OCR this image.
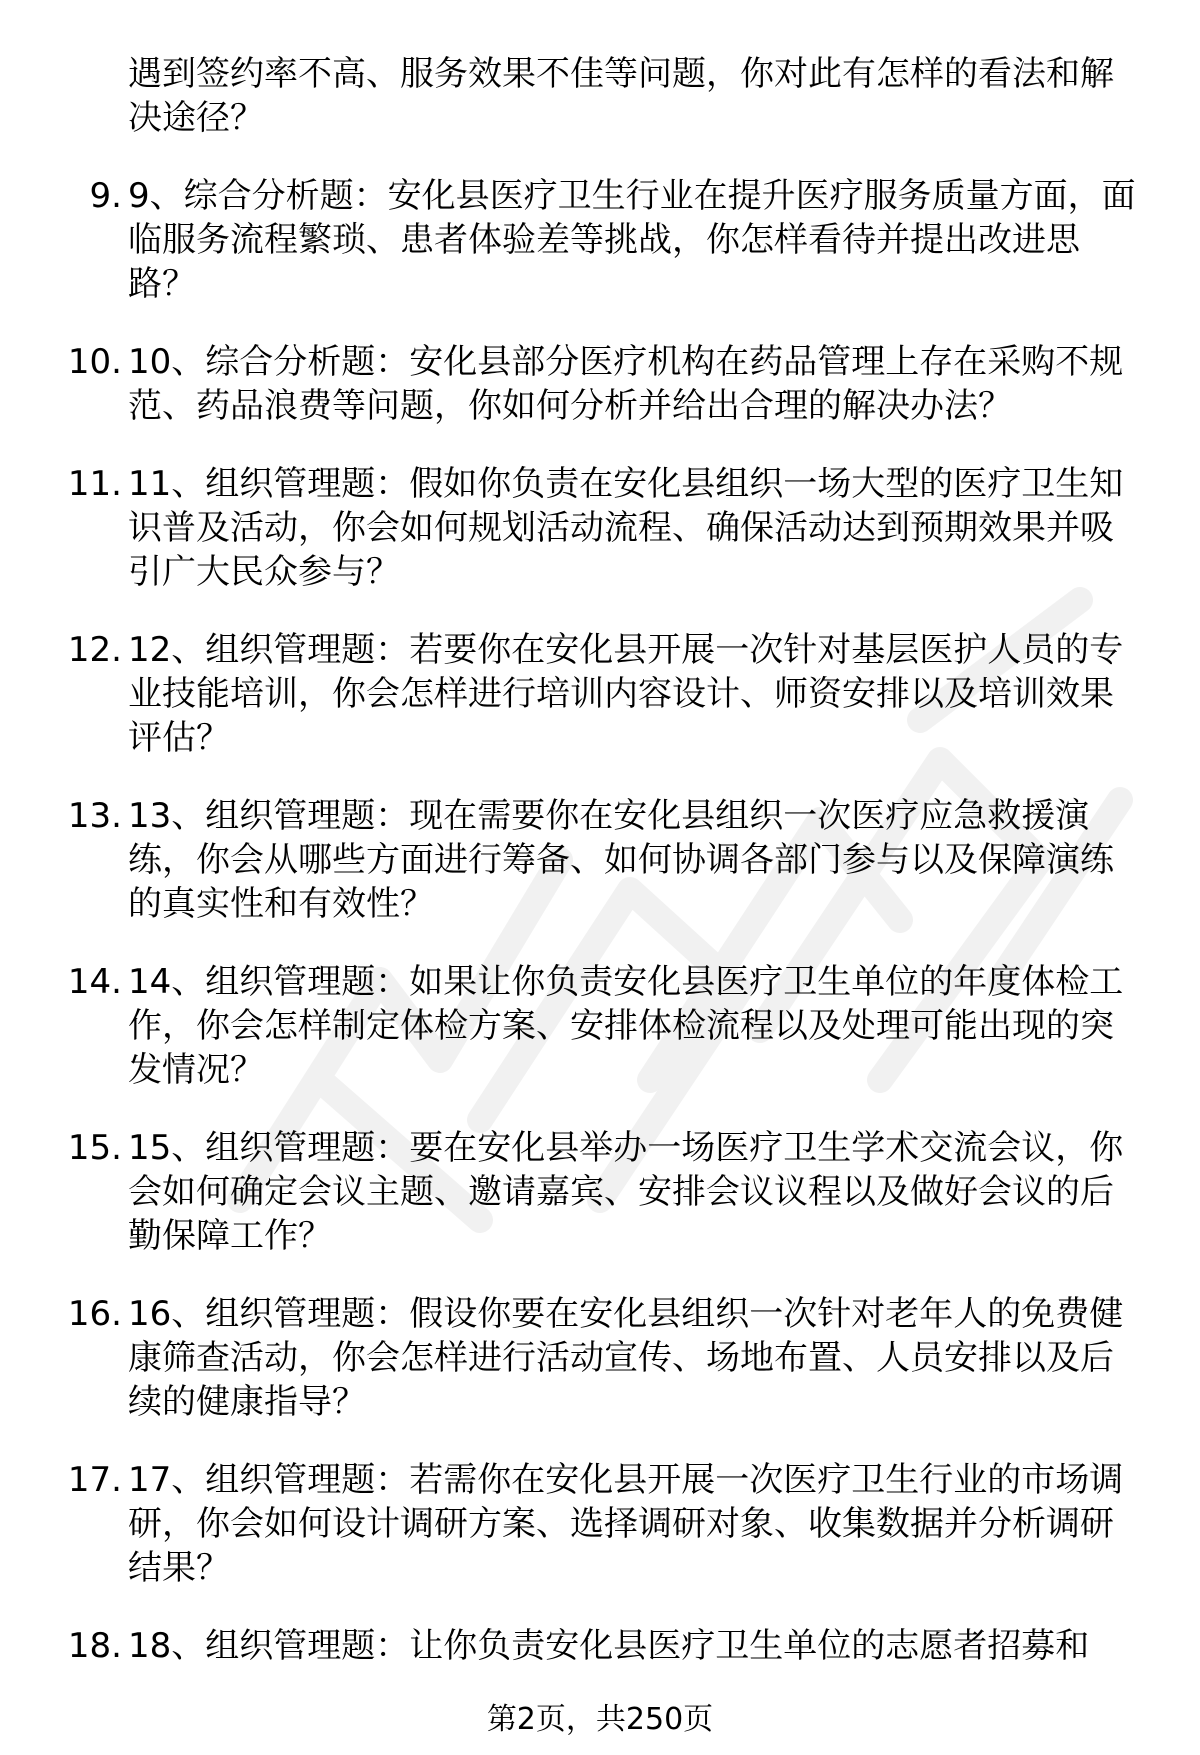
遇到签约率不高、服务效果不佳等问题，你对此有怎样的看法和解决途径？

9. 9、综合分析题：安化县医疗卫生行业在提升医疗服务质量方面，面临服务流程繁琐、患者体验差等挑战，你怎样看待并提出改进思路？
10. 10、综合分析题：安化县部分医疗机构在药品管理上存在采购不规范、药品浪费等问题，你如何分析并给出合理的解决办法？
11. 11、组织管理题：假如你负责在安化县组织一场大型的医疗卫生知识普及活动，你会如何规划活动流程、确保活动达到预期效果并吸引广大民众参与？
12. 12、组织管理题：若要你在安化县开展一次针对基层医护人员的专业技能培训，你会怎样进行培训内容设计、师资安排以及培训效果评估？
13. 13、组织管理题：现在需要你在安化县组织一次医疗应急救援演练，你会从哪些方面进行筹备、如何协调各部门参与以及保障演练的真实性和有效性？
14. 14、组织管理题：如果让你负责安化县医疗卫生单位的年度体检工作，你会怎样制定体检方案、安排体检流程以及处理可能出现的突发情况？
15. 15、组织管理题：要在安化县举办一场医疗卫生学术交流会议，你会如何确定会议主题、邀请嘉宾、安排会议议程以及做好会议的后勤保障工作？
16. 16、组织管理题：假设你要在安化县组织一次针对老年人的免费健康筛查活动，你会怎样进行活动宣传、场地布置、人员安排以及后续的健康指导？
17. 17、组织管理题：若需你在安化县开展一次医疗卫生行业的市场调研，你会如何设计调研方案、选择调研对象、收集数据并分析调研结果？
18. 18、组织管理题：让你负责安化县医疗卫生单位的志愿者招募和
第2页，共250页
